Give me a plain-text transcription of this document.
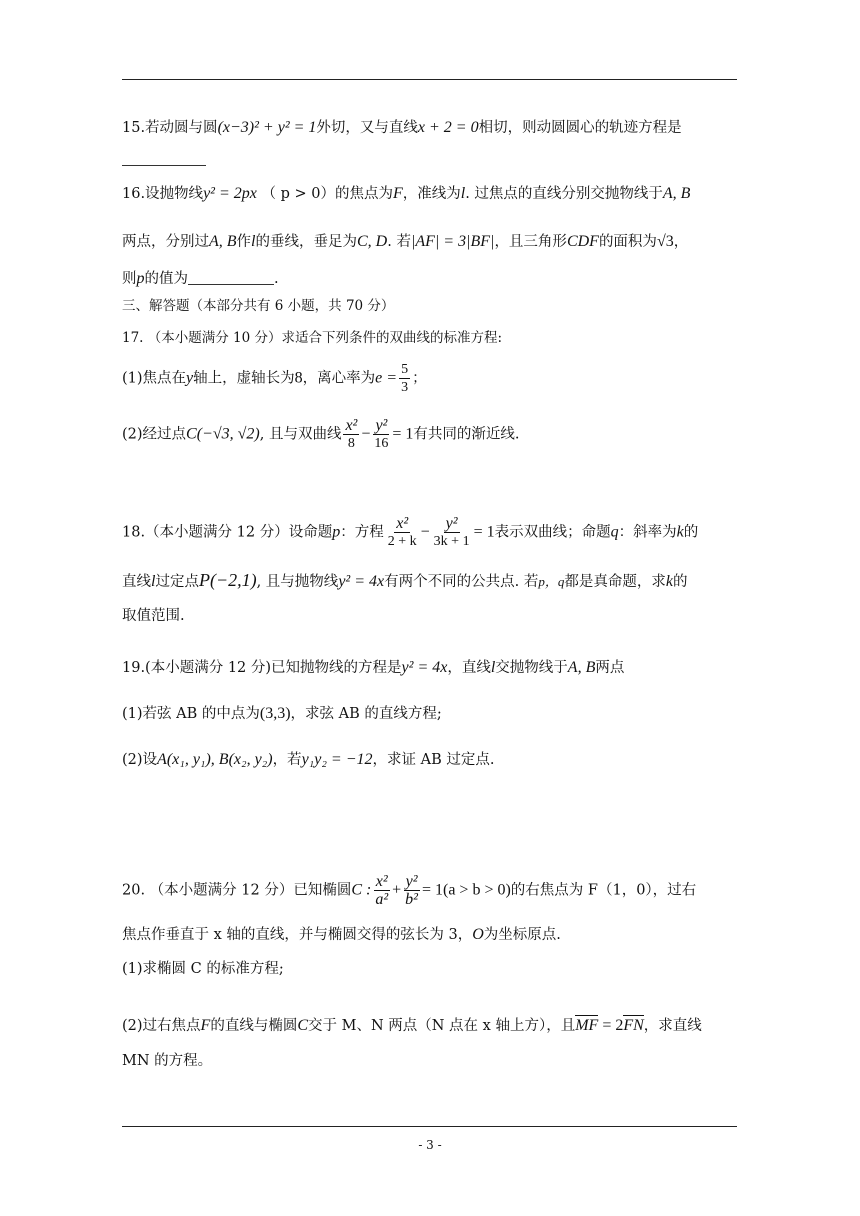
15.若动圆与圆(x−3)² + y² = 1外切，又与直线x + 2 = 0相切，则动圆圆心的轨迹方程是
16.设抛物线y² = 2px （ p > 0）的焦点为F，准线为l. 过焦点的直线分别交抛物线于A, B
两点，分别过A, B作l的垂线，垂足为C, D. 若|AF| = 3|BF|，且三角形CDF的面积为√3，
则p的值为	.
三、解答题（本部分共有 6 小题，共 70 分）
17. （本小题满分 10 分）求适合下列条件的双曲线的标准方程:
(1)焦点在y轴上，虚轴长为8，离心率为$e = \frac{5}{3}$ ；
(2)经过点C(−√3, √2), 且与双曲线 $\frac{\text{x²}}{8} - \frac{\text{y²}}{16} = 1$有共同的渐近线.
18.（本小题满分 12 分）设命题p：方程 $\frac{\text{x²}}{2 + k} - \frac{\text{y²}}{3k + 1} = 1$表示双曲线；命题q：斜率为k的
直线l过定点P(−2,1), 且与抛物线y² = 4x有两个不同的公共点. 若p，q都是真命题，求k的
取值范围.
19.(本小题满分 12 分)已知抛物线的方程是y² = 4x，直线l交抛物线于A, B两点
(1)若弦 AB 的中点为(3,3)，求弦 AB 的直线方程;
(2)设A(x₁, y₁), B(x₂, y₂)，若y₁y₂ = −12，求证 AB 过定点.
20. （本小题满分 12 分）已知椭圆C : $\frac{\text{x²}}{\text{a²}} + \frac{\text{y²}}{\text{b²}} = 1(a > b > 0)$的右焦点为 F（1，0），过右
焦点作垂直于 x 轴的直线，并与椭圆交得的弦长为 3，O为坐标原点.
(1)求椭圆 C 的标准方程;
(2)过右焦点F的直线与椭圆C交于 M、N 两点（N 点在 x 轴上方），且MF = 2FN，求直线
MN 的方程。
- 3 -
